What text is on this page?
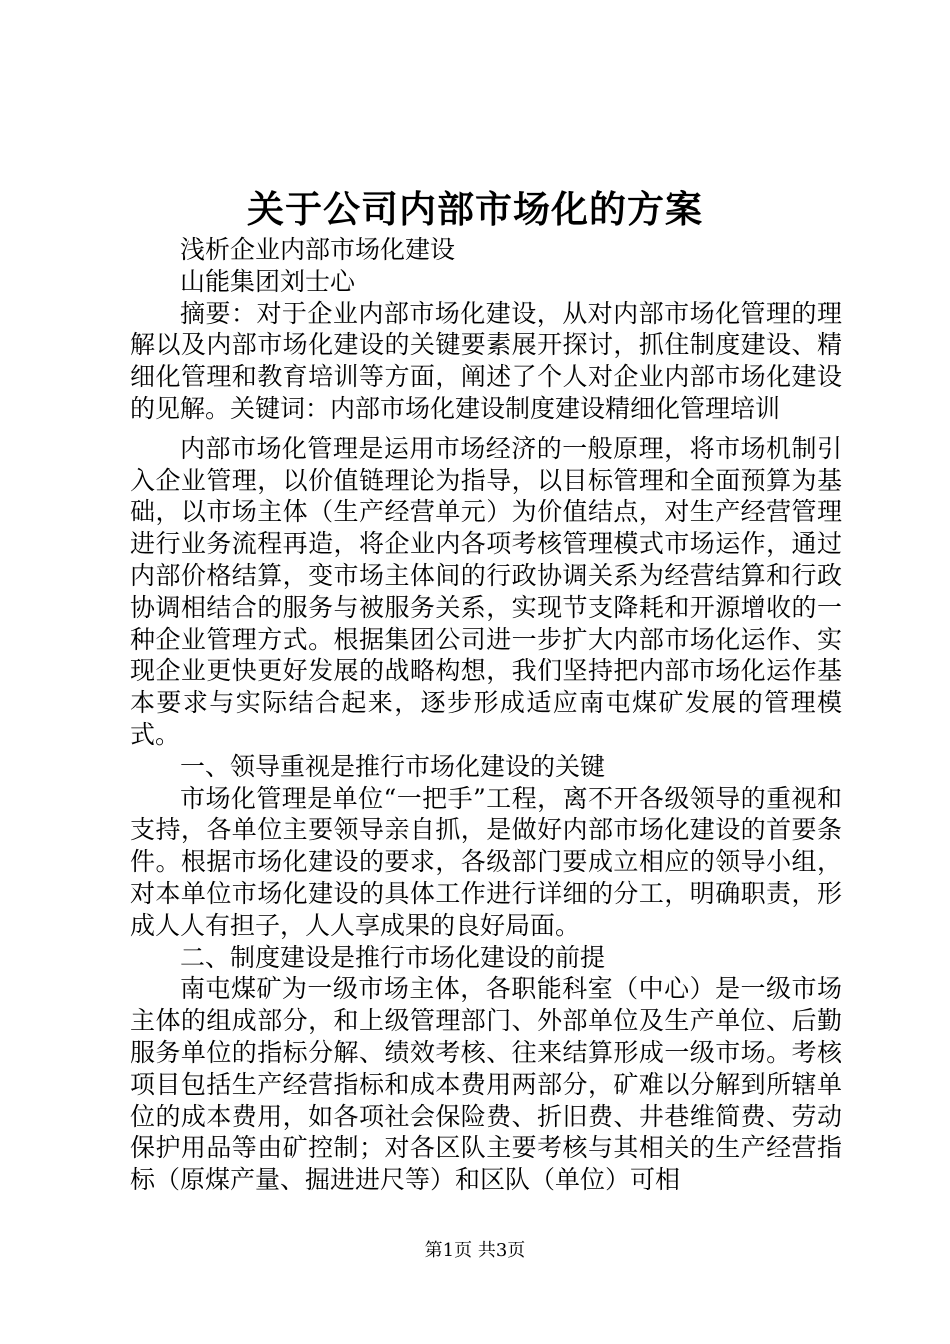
关于公司内部市场化的方案

浅析企业内部市场化建设

山能集团刘士心

摘要：对于企业内部市场化建设，从对内部市场化管理的理解以及内部市场化建设的关键要素展开探讨，抓住制度建设、精细化管理和教育培训等方面，阐述了个人对企业内部市场化建设的见解。关键词：内部市场化建设制度建设精细化管理培训

内部市场化管理是运用市场经济的一般原理，将市场机制引入企业管理，以价值链理论为指导，以目标管理和全面预算为基础，以市场主体（生产经营单元）为价值结点，对生产经营管理进行业务流程再造，将企业内各项考核管理模式市场运作，通过内部价格结算，变市场主体间的行政协调关系为经营结算和行政协调相结合的服务与被服务关系，实现节支降耗和开源增收的一种企业管理方式。根据集团公司进一步扩大内部市场化运作、实现企业更快更好发展的战略构想，我们坚持把内部市场化运作基本要求与实际结合起来，逐步形成适应南屯煤矿发展的管理模式。

一、领导重视是推行市场化建设的关键

市场化管理是单位“一把手”工程，离不开各级领导的重视和支持，各单位主要领导亲自抓，是做好内部市场化建设的首要条件。根据市场化建设的要求，各级部门要成立相应的领导小组，对本单位市场化建设的具体工作进行详细的分工，明确职责，形成人人有担子，人人享成果的良好局面。

二、制度建设是推行市场化建设的前提

南屯煤矿为一级市场主体，各职能科室（中心）是一级市场主体的组成部分，和上级管理部门、外部单位及生产单位、后勤服务单位的指标分解、绩效考核、往来结算形成一级市场。考核项目包括生产经营指标和成本费用两部分，矿难以分解到所辖单位的成本费用，如各项社会保险费、折旧费、井巷维简费、劳动保护用品等由矿控制；对各区队主要考核与其相关的生产经营指标（原煤产量、掘进进尺等）和区队（单位）可相

第1页 共3页
